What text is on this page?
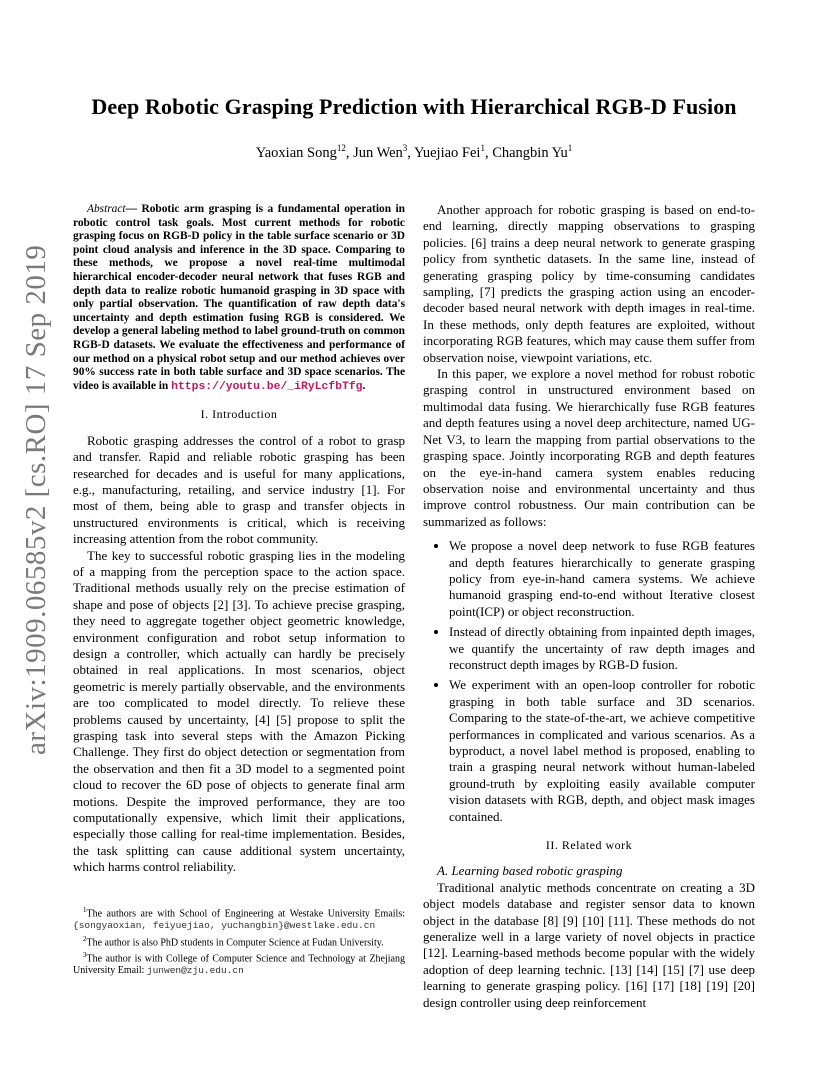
Deep Robotic Grasping Prediction with Hierarchical RGB-D Fusion
Yaoxian Song$^{12}$, Jun Wen$^3$, Yuejiao Fei$^1$, Changbin Yu$^1$
arXiv:1909.06585v2 [cs.RO] 17 Sep 2019

Abstract— Robotic arm grasping is a fundamental operation in robotic control task goals. Most current methods for robotic grasping focus on RGB-D policy in the table surface scenario or 3D point cloud analysis and inference in the 3D space. Comparing to these methods, we propose a novel real-time multimodal hierarchical encoder-decoder neural network that fuses RGB and depth data to realize robotic humanoid grasping in 3D space with only partial observation. The quantification of raw depth data's uncertainty and depth estimation fusing RGB is considered. We develop a general labeling method to label ground-truth on common RGB-D datasets. We evaluate the effectiveness and performance of our method on a physical robot setup and our method achieves over 90% success rate in both table surface and 3D space scenarios. The video is available in https://youtu.be/_iRyLcfbTfg.

I. Introduction

Robotic grasping addresses the control of a robot to grasp and transfer. Rapid and reliable robotic grasping has been researched for decades and is useful for many applications, e.g., manufacturing, retailing, and service industry [1]. For most of them, being able to grasp and transfer objects in unstructured environments is critical, which is receiving increasing attention from the robot community.

The key to successful robotic grasping lies in the modeling of a mapping from the perception space to the action space. Traditional methods usually rely on the precise estimation of shape and pose of objects [2] [3]. To achieve precise grasping, they need to aggregate together object geometric knowledge, environment configuration and robot setup information to design a controller, which actually can hardly be precisely obtained in real applications. In most scenarios, object geometric is merely partially observable, and the environments are too complicated to model directly. To relieve these problems caused by uncertainty, [4] [5] propose to split the grasping task into several steps with the Amazon Picking Challenge. They first do object detection or segmentation from the observation and then fit a 3D model to a segmented point cloud to recover the 6D pose of objects to generate final arm motions. Despite the improved performance, they are too computationally expensive, which limit their applications, especially those calling for real-time implementation. Besides, the task splitting can cause additional system uncertainty, which harms control reliability.

$^1$The authors are with School of Engineering at Westake University Emails: {songyaoxian, feiyuejiao, yuchangbin}@westlake.edu.cn

$^2$The author is also PhD students in Computer Science at Fudan University.

$^3$The author is with College of Computer Science and Technology at Zhejiang University Email: junwen@zju.edu.cn

Another approach for robotic grasping is based on end-to-end learning, directly mapping observations to grasping policies. [6] trains a deep neural network to generate grasping policy from synthetic datasets. In the same line, instead of generating grasping policy by time-consuming candidates sampling, [7] predicts the grasping action using an encoder-decoder based neural network with depth images in real-time. In these methods, only depth features are exploited, without incorporating RGB features, which may cause them suffer from observation noise, viewpoint variations, etc.

In this paper, we explore a novel method for robust robotic grasping control in unstructured environment based on multimodal data fusing. We hierarchically fuse RGB features and depth features using a novel deep architecture, named UG-Net V3, to learn the mapping from partial observations to the grasping space. Jointly incorporating RGB and depth features on the eye-in-hand camera system enables reducing observation noise and environmental uncertainty and thus improve control robustness. Our main contribution can be summarized as follows:

• We propose a novel deep network to fuse RGB features and depth features hierarchically to generate grasping policy from eye-in-hand camera systems. We achieve humanoid grasping end-to-end without Iterative closest point(ICP) or object reconstruction.
• Instead of directly obtaining from inpainted depth images, we quantify the uncertainty of raw depth images and reconstruct depth images by RGB-D fusion.
• We experiment with an open-loop controller for robotic grasping in both table surface and 3D scenarios. Comparing to the state-of-the-art, we achieve competitive performances in complicated and various scenarios. As a byproduct, a novel label method is proposed, enabling to train a grasping neural network without human-labeled ground-truth by exploiting easily available computer vision datasets with RGB, depth, and object mask images contained.
II. Related work

A. Learning based robotic grasping

Traditional analytic methods concentrate on creating a 3D object models database and register sensor data to known object in the database [8] [9] [10] [11]. These methods do not generalize well in a large variety of novel objects in practice [12]. Learning-based methods become popular with the widely adoption of deep learning technic. [13] [14] [15] [7] use deep learning to generate grasping policy. [16] [17] [18] [19] [20] design controller using deep reinforcement
